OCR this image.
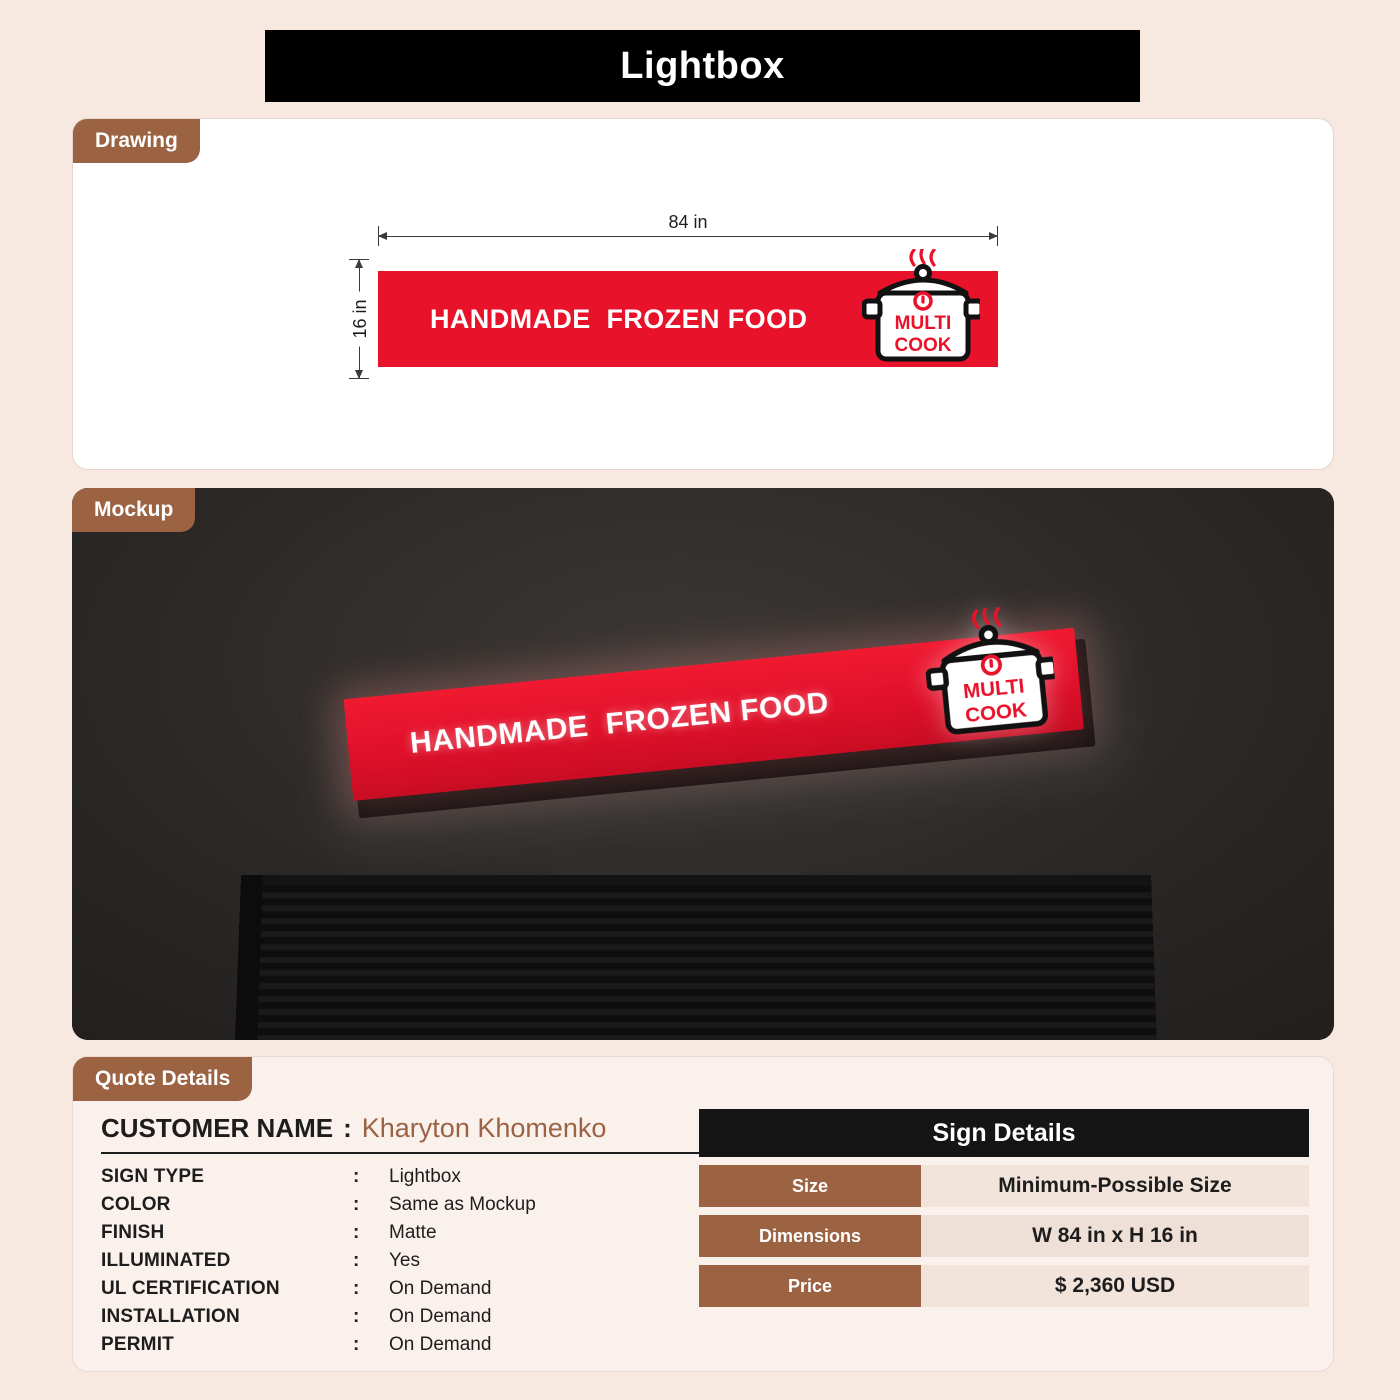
Lightbox
Drawing
84 in
16 in HANDMADE  FROZEN FOOD	MULTI
COOK
HANDMADE  FROZEN FOOD	MULTI
COOK
Mockup
Quote Details
CUSTOMER NAME : Kharyton Khomenko
SIGN TYPE	:	Lightbox
COLOR	:	Same as Mockup
FINISH	:	Matte
ILLUMINATED	:	Yes
UL CERTIFICATION	:	On Demand
INSTALLATION	:	On Demand
PERMIT	:	On Demand
Sign Details
Size	Minimum-Possible Size
Dimensions	W 84 in x H 16 in
Price	$ 2,360 USD
